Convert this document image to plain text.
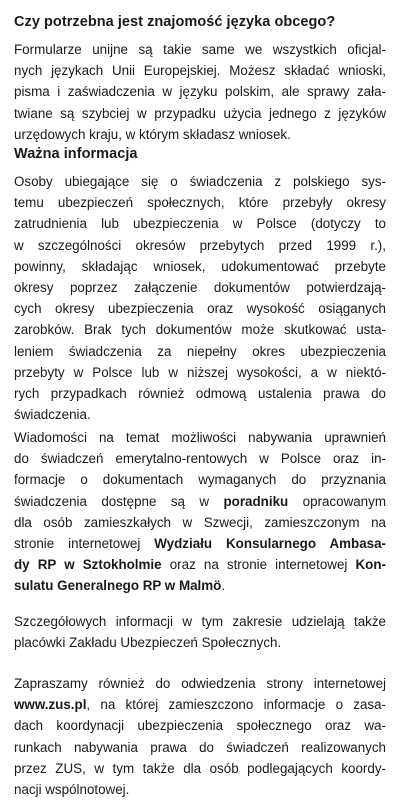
Czy potrzebna jest znajomość języka obcego?
Formularze unijne są takie same we wszystkich oficjal-
nych językach Unii Europejskiej. Możesz składać wnioski,
pisma i zaświadczenia w języku polskim, ale sprawy zała-
twiane są szybciej w przypadku użycia jednego z języków
urzędowych kraju, w którym składasz wniosek.
Ważna informacja
Osoby ubiegające się o świadczenia z polskiego sys-
temu ubezpieczeń społecznych, które przebyły okresy
zatrudnienia lub ubezpieczenia w Polsce (dotyczy to
w szczególności okresów przebytych przed 1999 r.),
powinny, składając wniosek, udokumentować przebyte
okresy poprzez załączenie dokumentów potwierdzają-
cych okresy ubezpieczenia oraz wysokość osiąganych
zarobków. Brak tych dokumentów może skutkować usta-
leniem świadczenia za niepełny okres ubezpieczenia
przebyty w Polsce lub w niższej wysokości, a w niektó-
rych przypadkach również odmową ustalenia prawa do
świadczenia.
Wiadomości na temat możliwości nabywania uprawnień
do świadczeń emerytalno-rentowych w Polsce oraz in-
formacje o dokumentach wymaganych do przyznania
świadczenia dostępne są w poradniku opracowanym
dla osób zamieszkałych w Szwecji, zamieszczonym na
stronie internetowej Wydziału Konsularnego Ambasa-
dy RP w Sztokholmie oraz na stronie internetowej Kon-
sulatu Generalnego RP w Malmö.
Szczegółowych informacji w tym zakresie udzielają także
placówki Zakładu Ubezpieczeń Społecznych.
Zapraszamy również do odwiedzenia strony internetowej
www.zus.pl, na której zamieszczono informacje o zasa-
dach koordynacji ubezpieczenia społecznego oraz wa-
runkach nabywania prawa do świadczeń realizowanych
przez ZUS, w tym także dla osób podlegających koordy-
nacji wspólnotowej.
